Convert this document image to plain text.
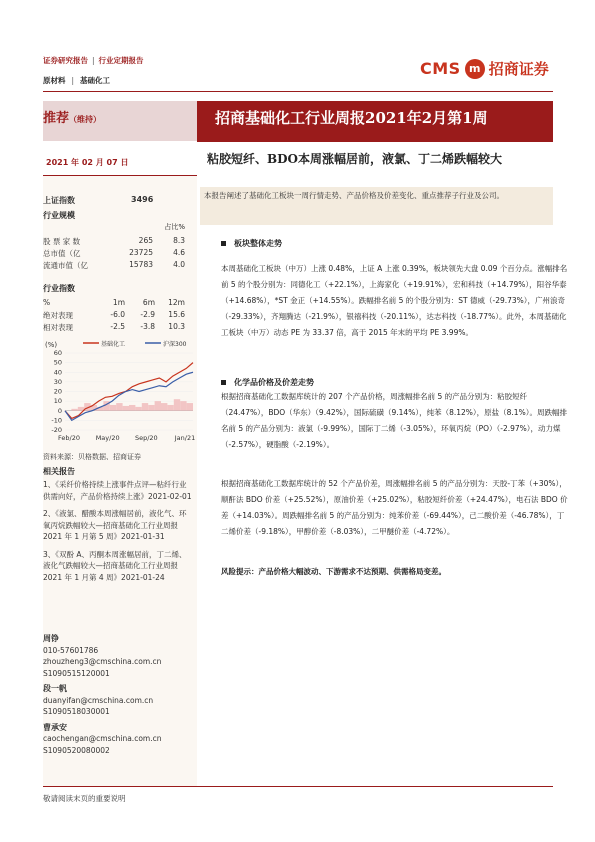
证券研究报告 | 行业定期报告
原材料 | 基础化工
CMS m 招商证券
推荐（维持）	招商基础化工行业周报2021年2月第1周
2021 年 02 月 07 日	粘胶短纤、BDO本周涨幅居前，液氯、丁二烯跌幅较大
本报告阐述了基础化工板块一周行情走势、产品价格及价差变化、重点推荐子行业及公司。
上证指数	3496
行业规模
占比%
股 票 家 数	265	8.3
总市值（亿	23725	4.6
流通市值（亿	15783	4.0
行业指数
%	1m	6m	12m
绝对表现	-6.0	-2.9	15.6
相对表现	-2.5	-3.8	10.3
(%)	基础化工	沪深300
-20
-10
0
10
20
30
40
50
60
Feb/20 May/20 Sep/20	Jan/21
资料来源：贝格数据、招商证券
相关报告
1、《采纤价格持续上涨事件点评—粘纤行业供需向好，产品价格持续上涨》2021-02-01
2、《液氯、醋酸本周涨幅居前，液化气、环氧丙烷跌幅较大—招商基础化工行业周报 2021 年 1 月第 5 周》2021-01-31
3、《双酚 A、丙酮本周涨幅居前，丁二烯、液化气跌幅较大—招商基础化工行业周报 2021 年 1 月第 4 周》2021-01-24
周铮
010-57601786
zhouzheng3@cmschina.com.cn
S1090515120001
段一帆
duanyifan@cmschina.com.cn
S1090518030001
曹承安
caochengan@cmschina.com.cn
S1090520080002
板块整体走势
本周基础化工板块（中万）上涨 0.48%，上证 A 上涨 0.39%，板块领先大盘 0.09 个百分点。涨幅排名前 5 的个股分别为：同德化工（+22.1%），上海家化（+19.91%），宏和科技（+14.79%），阳谷华泰（+14.68%），*ST 金正（+14.55%）。跌幅排名前 5 的个股分别为：ST 德威（-29.73%），广州浪奇（-29.33%），齐翔腾达（-21.9%），银禧科技（-20.11%），达志科技（-18.77%）。此外，本周基础化工板块（中万）动态 PE 为 33.37 倍，高于 2015 年末的平均 PE 3.99%。
化学品价格及价差走势
根据招商基础化工数据库统计的 207 个产品价格，周涨幅排名前 5 的产品分别为：粘胶短纤（24.47%），BDO（华东）（9.42%），国际硫磺（9.14%），纯苯（8.12%），原盐（8.1%）。周跌幅排名前 5 的产品分别为：液氯（-9.99%），国际丁二烯（-3.05%），环氧丙烷（PO）（-2.97%），动力煤（-2.57%），硬脂酸（-2.19%）。
根据招商基础化工数据库统计的 52 个产品价差，周涨幅排名前 5 的产品分别为：天胶-丁苯（+30%），顺酐法 BDO 价差（+25.52%），原油价差（+25.02%），粘胶短纤价差（+24.47%），电石法 BDO 价差（+14.03%）。周跌幅排名前 5 的产品分别为：纯苯价差（-69.44%），己二酸价差（-46.78%），丁二烯价差（-9.18%），甲醇价差（-8.03%），二甲醚价差（-4.72%）。
风险提示：产品价格大幅波动、下游需求不达预期、供需格局变差。
敬请阅读末页的重要说明
